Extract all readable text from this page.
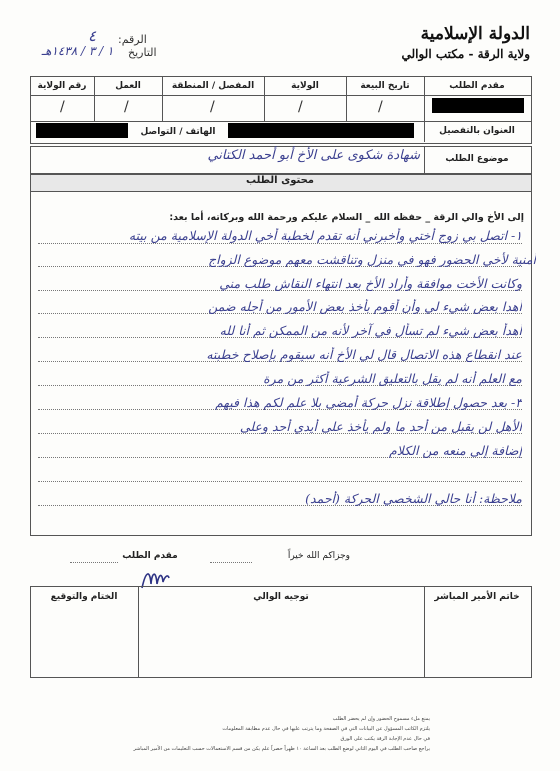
الدولة الإسلامية
ولاية الرقة - مكتب الوالي
الرقم:
٤
التاريخ
١ / ٣ / ١٤٣٨هـ
مقدم الطلب
تاريخ البيعة
الولاية
المفصل / المنطقة
العمل
رقم الولاية
/
/
/
/
/
العنوان بالتفصيل
الهاتف / التواصل
موضوع الطلب
شهادة شكوى على الأخ أبو أحمد الكتاني
محتوى الطلب
إلى الأخ والي الرقة _ حفظه الله _ السلام عليكم ورحمة الله وبركاته، أما بعد:
١- اتصل بي زوج أختي وأخبرني أنه تقدم لخطبة أخي الدولة الإسلامية من بيته
أمنية لأخي الحضور فهو في منزل وتناقشت معهم موضوع الزواج
وكانت الأخت موافقة وأراد الأخ بعد انتهاء النقاش طلب مني
أهدا بعض شيء لي وأن أقوم بأخذ بعض الأمور من أجله ضمن
أهدأ بعض شيء لم تسأل في آخر لأنه من الممكن ثم أنا لله
عند انقطاع هذه الاتصال قال لي الأخ أنه سيقوم بإصلاح خطبته
مع العلم أنه لم يقل بالتعليق الشرعية أكثر من مرة
٣- بعد حصول إطلاقة نزل حركة أمضى بلا علم لكم هذا فيهم
الأهل لن يقبل من أحد ما ولم يأخذ على أيدي أحد وعلى
إضافة إلى منعه من الكلام
ملاحظة: أنا حالي الشخصي الحركة (أحمد)
مقدم الطلب	وجزاكم الله خيراً
خاتم الأمير المباشر
توجيه الوالي
الختام والتوقيع
يمنع ملء مسموح الحضور وإن لم يحضر الطلب
يلتزم الكاتب المسؤول عن البيانات التي في الصفحة وما يترتب عليها في حال عدم مطابقة المعلومات
في حال عدم الإجابة الرقة يكتب على الورق
يراجع صاحب الطلب في اليوم الثاني لوضع الطلب بعد الساعة ١٠ ظهراً حصراً علم يكن من قسم الاستعمالات حسب التعليمات من الأمير المباشر
